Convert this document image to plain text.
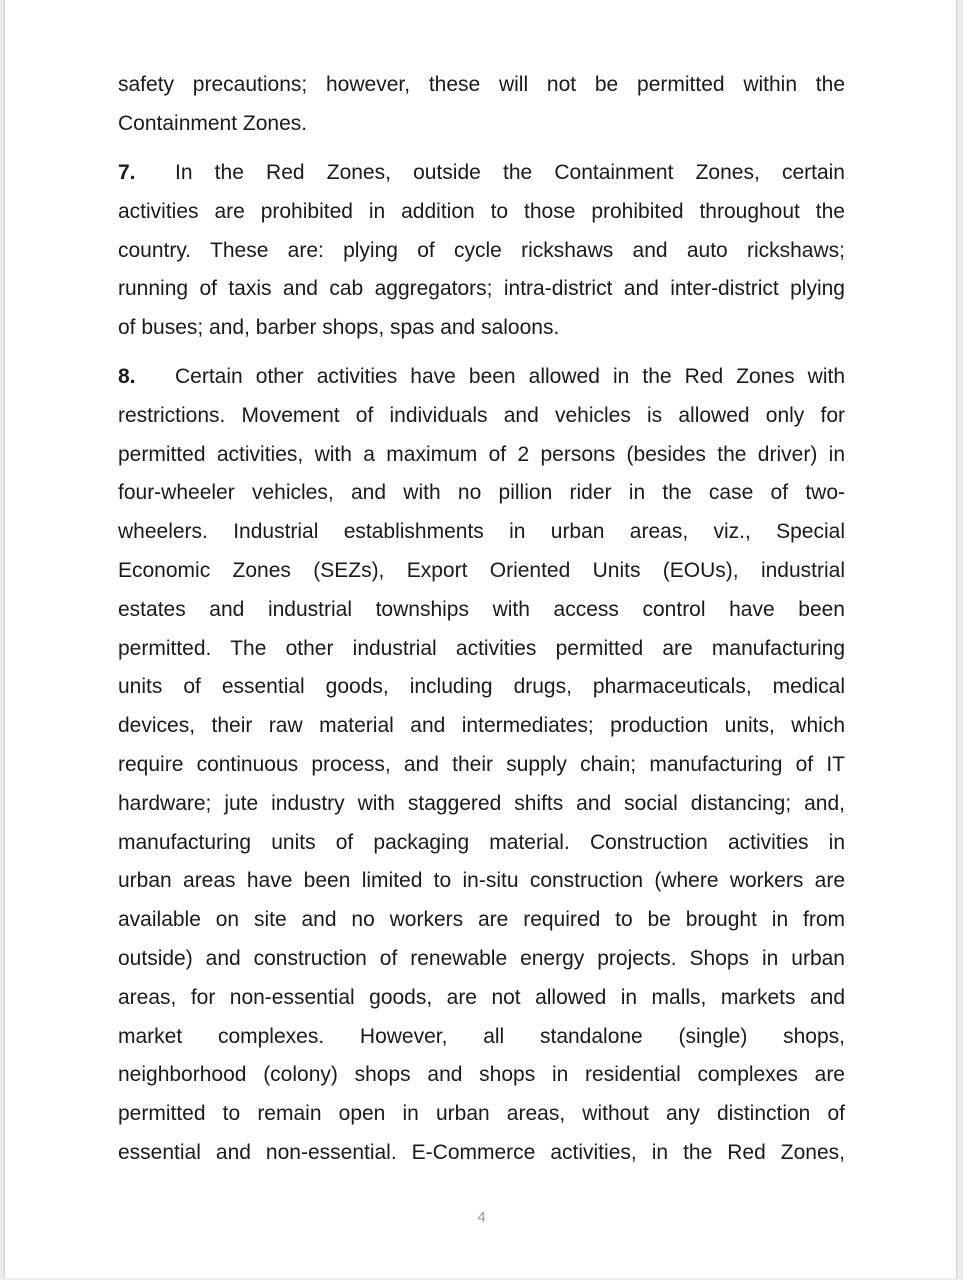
safety precautions; however, these will not be permitted within the
Containment Zones.
7.	In the Red Zones, outside the Containment Zones, certain
activities are prohibited in addition to those prohibited throughout the
country. These are: plying of cycle rickshaws and auto rickshaws;
running of taxis and cab aggregators; intra-district and inter-district plying
of buses; and, barber shops, spas and saloons.
8.	Certain other activities have been allowed in the Red Zones with
restrictions. Movement of individuals and vehicles is allowed only for
permitted activities, with a maximum of 2 persons (besides the driver) in
four-wheeler vehicles, and with no pillion rider in the case of two-
wheelers. Industrial establishments in urban areas, viz., Special
Economic Zones (SEZs), Export Oriented Units (EOUs), industrial
estates and industrial townships with access control have been
permitted. The other industrial activities permitted are manufacturing
units of essential goods, including drugs, pharmaceuticals, medical
devices, their raw material and intermediates; production units, which
require continuous process, and their supply chain; manufacturing of IT
hardware; jute industry with staggered shifts and social distancing; and,
manufacturing units of packaging material. Construction activities in
urban areas have been limited to in-situ construction (where workers are
available on site and no workers are required to be brought in from
outside) and construction of renewable energy projects. Shops in urban
areas, for non-essential goods, are not allowed in malls, markets and
market complexes. However, all standalone (single) shops,
neighborhood (colony) shops and shops in residential complexes are
permitted to remain open in urban areas, without any distinction of
essential and non-essential. E-Commerce activities, in the Red Zones,
4
